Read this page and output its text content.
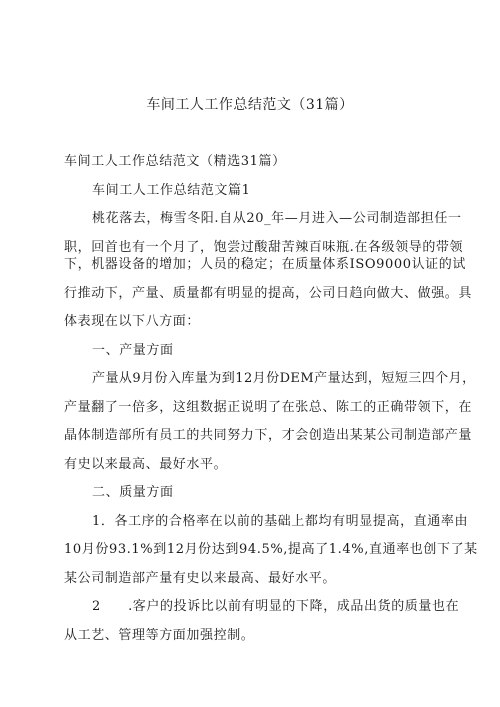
车间工人工作总结范文（31篇）
车间工人工作总结范文（精选31篇）
车间工人工作总结范文篇1
桃花落去，梅雪冬阳.自从20_年—月进入—公司制造部担任一
职，回首也有一个月了，饱尝过酸甜苦辣百味瓶.在各级领导的带领
下，机器设备的增加；人员的稳定；在质量体系ISO9000认证的试
行推动下，产量、质量都有明显的提高，公司日趋向做大、做强。具
体表现在以下八方面：
一、产量方面
产量从9月份入库量为到12月份DEM产量达到，短短三四个月，
产量翻了一倍多，这组数据正说明了在张总、陈工的正确带领下，在
晶体制造部所有员工的共同努力下，才会创造出某某公司制造部产量
有史以来最高、最好水平。
二、质量方面
1．各工序的合格率在以前的基础上都均有明显提高，直通率由
10月份93.1%到12月份达到94.5%,提高了1.4%,直通率也创下了某
某公司制造部产量有史以来最高、最好水平。
2　　.客户的投诉比以前有明显的下降，成品出货的质量也在
从工艺、管理等方面加强控制。
